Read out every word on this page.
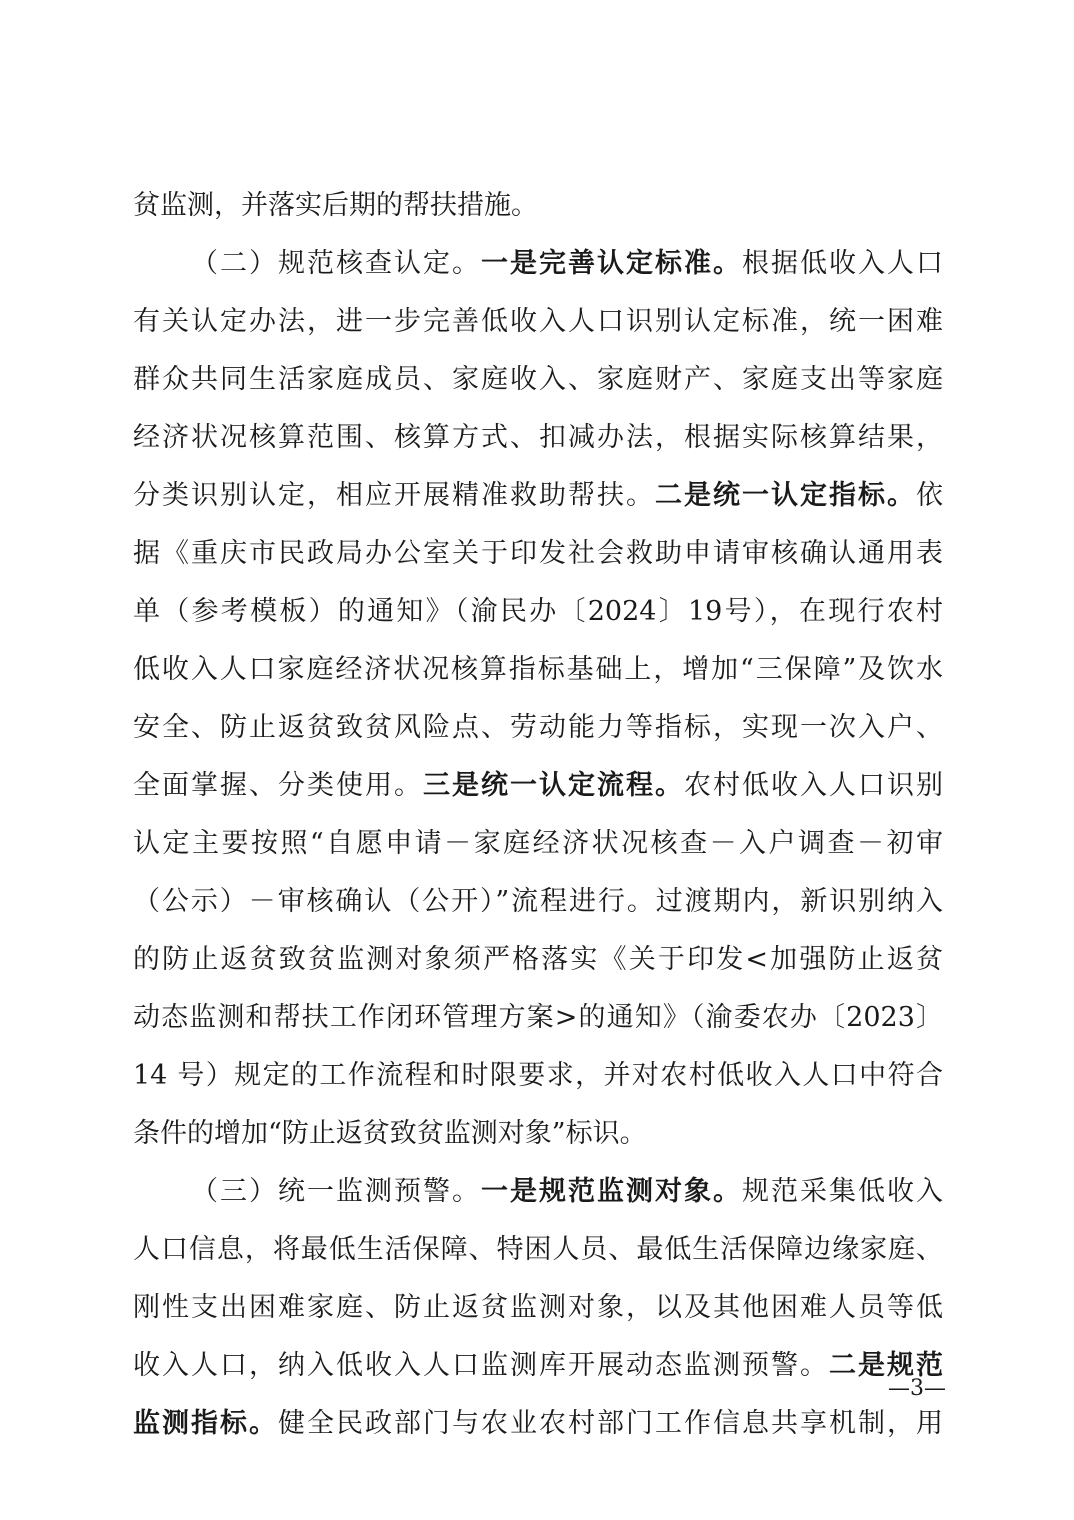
贫监测，并落实后期的帮扶措施。
（二）规范核查认定。一是完善认定标准。根据低收入人口
有关认定办法，进一步完善低收入人口识别认定标准，统一困难
群众共同生活家庭成员、家庭收入、家庭财产、家庭支出等家庭
经济状况核算范围、核算方式、扣减办法，根据实际核算结果，
分类识别认定，相应开展精准救助帮扶。二是统一认定指标。依
据《重庆市民政局办公室关于印发社会救助申请审核确认通用表
单（参考模板）的通知》（渝民办〔2024〕19号），在现行农村
低收入人口家庭经济状况核算指标基础上，增加“三保障”及饮水
安全、防止返贫致贫风险点、劳动能力等指标，实现一次入户、
全面掌握、分类使用。三是统一认定流程。农村低收入人口识别
认定主要按照“自愿申请－家庭经济状况核查－入户调查－初审
（公示）－审核确认（公开）”流程进行。过渡期内，新识别纳入
的防止返贫致贫监测对象须严格落实《关于印发<加强防止返贫
动态监测和帮扶工作闭环管理方案>的通知》（渝委农办〔2023〕
14 号）规定的工作流程和时限要求，并对农村低收入人口中符合
条件的增加“防止返贫致贫监测对象”标识。
（三）统一监测预警。一是规范监测对象。规范采集低收入
人口信息，将最低生活保障、特困人员、最低生活保障边缘家庭、
刚性支出困难家庭、防止返贫监测对象，以及其他困难人员等低
收入人口，纳入低收入人口监测库开展动态监测预警。二是规范
监测指标。健全民政部门与农业农村部门工作信息共享机制，用
—3—
